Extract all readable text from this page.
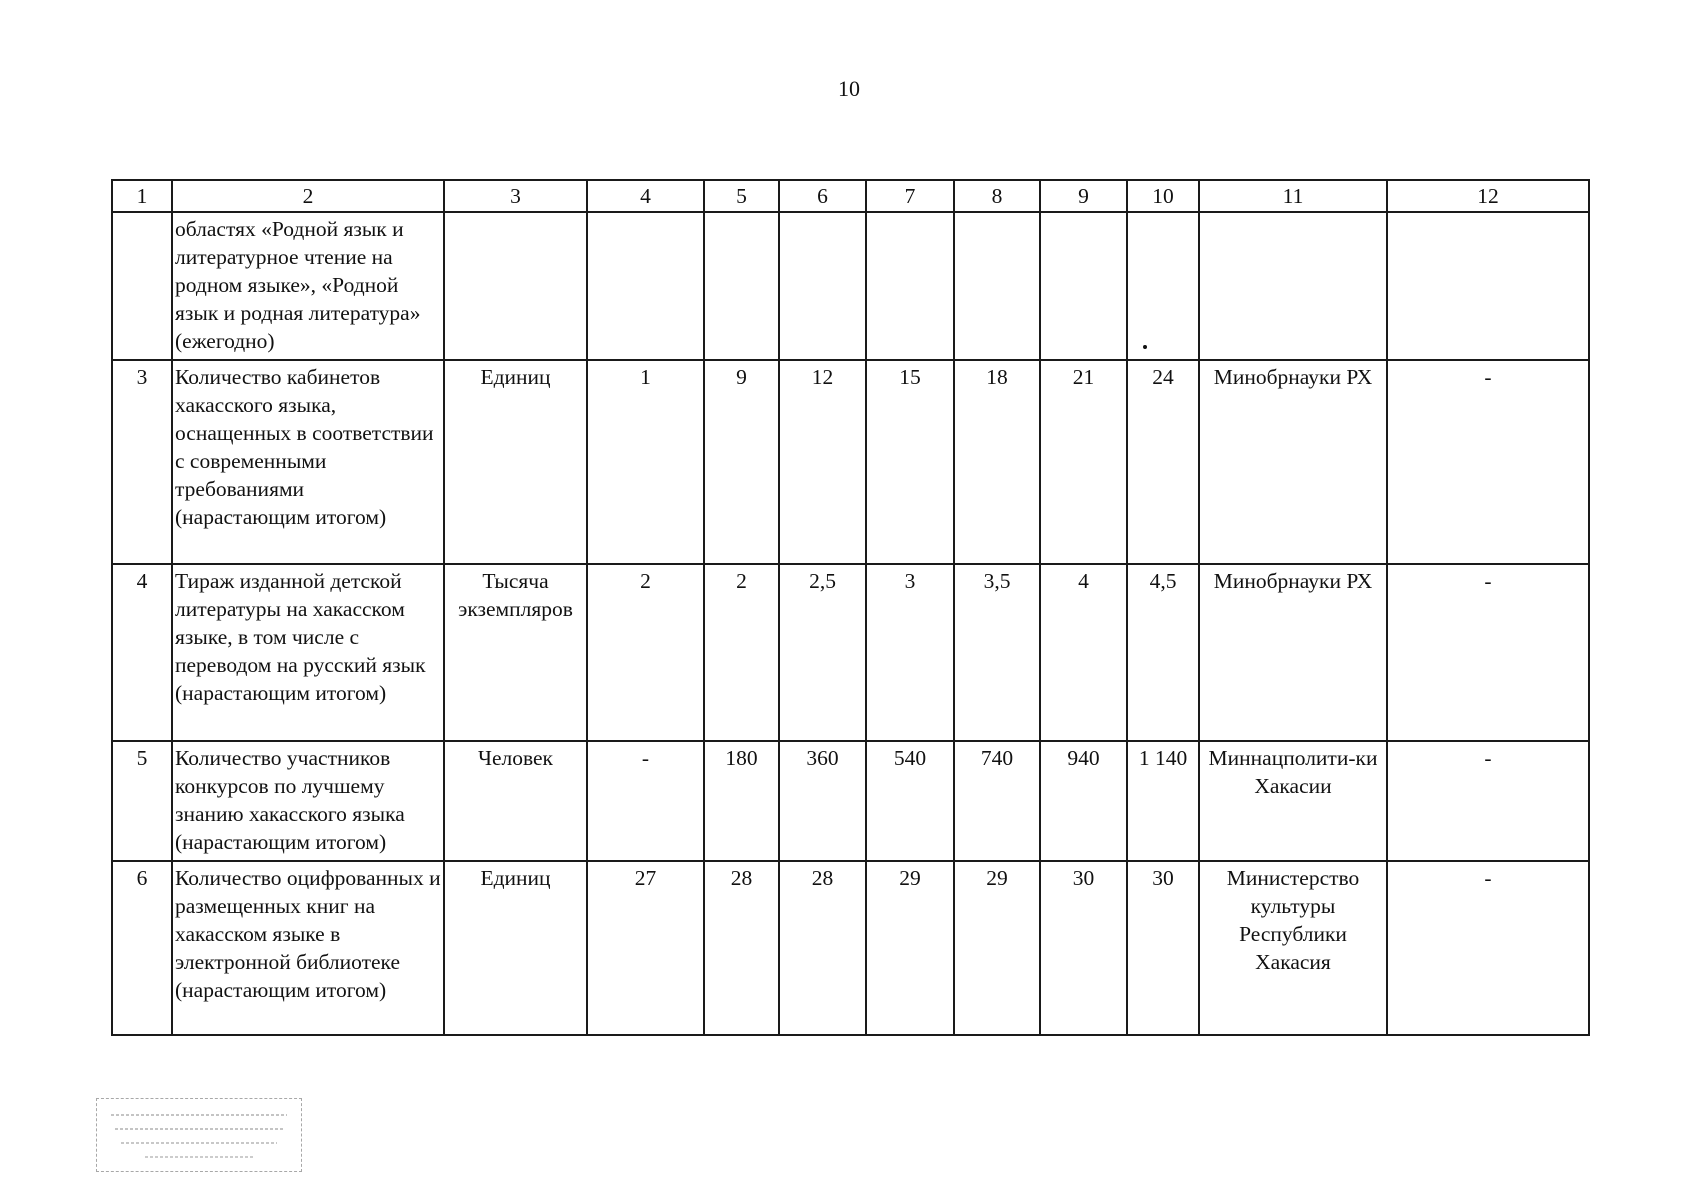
10
1	2	3	4	5	6	7	8	9	10	11	12
	областях «Родной язык и литературное чтение на родном языке», «Родной язык и родная литература» (ежегодно)										
3	Количество кабинетов хакасского языка, оснащенных в соответствии с современными требованиями (нарастающим итогом)	Единиц	1	9	12	15	18	21	24	Минобрнауки РХ	-
4	Тираж изданной детской литературы на хакасском языке, в том числе с переводом на русский язык (нарастающим итогом)	Тысяча экземпляров	2	2	2,5	3	3,5	4	4,5	Минобрнауки РХ	-
5	Количество участников конкурсов по лучшему знанию хакасского языка (нарастающим итогом)	Человек	-	180	360	540	740	940	1 140	Миннацполити-ки Хакасии	-
6	Количество оцифрованных и размещенных книг на хакасском языке в электронной библиотеке (нарастающим итогом)	Единиц	27	28	28	29	29	30	30	Министерство культуры Республики Хакасия	-
